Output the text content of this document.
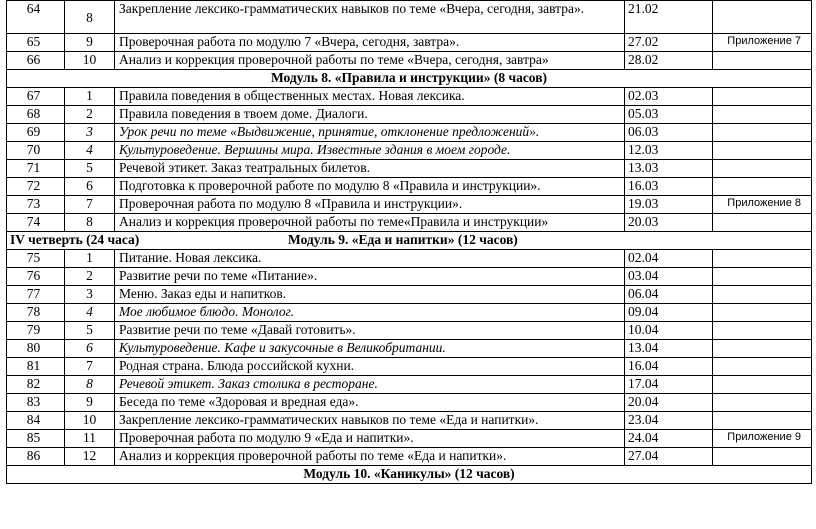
64	8	Закрепление лексико-грамматических навыков по теме «Вчера, сегодня, завтра».	21.02	
65	9	Проверочная работа по модулю 7 «Вчера, сегодня, завтра».	27.02	Приложение 7
66	10	Анализ и коррекция проверочной работы по теме «Вчера, сегодня, завтра»	28.02	
Модуль 8. «Правила и инструкции» (8 часов)				
67	1	Правила поведения в общественных местах. Новая лексика.	02.03	
68	2	Правила поведения в твоем доме. Диалоги.	05.03	
69	3	Урок речи по теме «Выдвижение, принятие, отклонение предложений».	06.03	
70	4	Культуроведение. Вершины мира. Известные здания в моем городе.	12.03	
71	5	Речевой этикет. Заказ театральных билетов.	13.03	
72	6	Подготовка к проверочной работе по модулю 8 «Правила и инструкции».	16.03	
73	7	Проверочная работа по модулю 8 «Правила и инструкции».	19.03	Приложение 8
74	8	Анализ и коррекция проверочной работы по теме«Правила и инструкции»	20.03	
IV четверть (24 часа) Модуль 9. «Еда и напитки» (12 часов)				

75	1	Питание. Новая лексика.	02.04	
76	2	Развитие речи по теме «Питание».	03.04	
77	3	Меню. Заказ еды и напитков.	06.04	
78	4	Мое любимое блюдо. Монолог.	09.04	
79	5	Развитие речи по теме «Давай готовить».	10.04	
80	6	Культуроведение. Кафе и закусочные в Великобритании.	13.04	
81	7	Родная страна. Блюда российской кухни.	16.04	
82	8	Речевой этикет. Заказ столика в ресторане.	17.04	
83	9	Беседа по теме «Здоровая и вредная еда».	20.04	
84	10	Закрепление лексико-грамматических навыков по теме «Еда и напитки».	23.04	
85	11	Проверочная работа по модулю 9 «Еда и напитки».	24.04	Приложение 9
86	12	Анализ и коррекция проверочной работы по теме «Еда и напитки».	27.04	
Модуль 10. «Каникулы» (12 часов)				
